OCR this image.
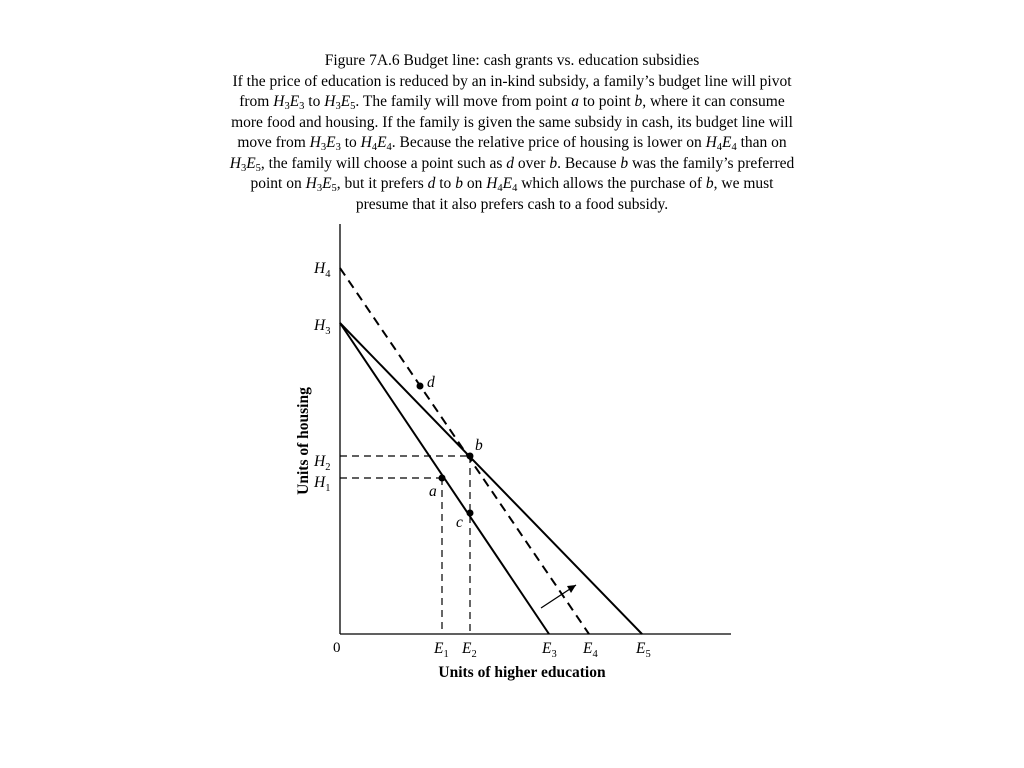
Figure 7A.6 Budget line: cash grants vs. education subsidies
If the price of education is reduced by an in-kind subsidy, a family’s budget line will pivot
from $H_3E_3$ to $H_3E_5$. The family will move from point a to point b, where it can consume
more food and housing. If the family is given the same subsidy in cash, its budget line will
move from $H_3E_3$ to $H_4E_4$. Because the relative price of housing is lower on $H_4E_4$ than on
$H_3E_5$, the family will choose a point such as d over b. Because b was the family’s preferred
point on $H_3E_5$, but it prefers d to b on $H_4E_4$ which allows the purchase of b, we must
presume that it also prefers cash to a food subsidy.
d
b
a
c
$H_4$
$H_3$
$H_2$
$H_1$
0	$E_1$ $E_2$	$E_3$ $E_4$ $E_5$
Units of higher education
Units of housing
